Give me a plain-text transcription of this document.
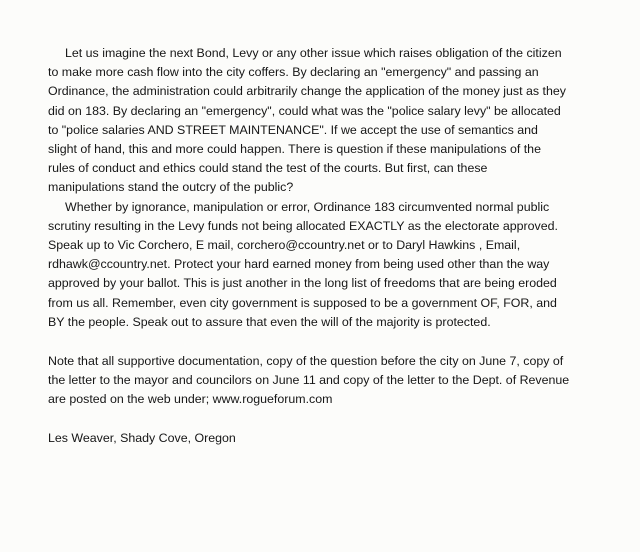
Let us imagine the next Bond, Levy or any other issue which raises obligation of the citizen
to make more cash flow into the city coffers. By declaring an "emergency" and passing an
Ordinance, the administration could arbitrarily change the application of the money just as they
did on 183. By declaring an "emergency", could what was the "police salary levy" be allocated
to "police salaries AND STREET MAINTENANCE". If we accept the use of semantics and
slight of hand, this and more could happen. There is question if these manipulations of the
rules of conduct and ethics could stand the test of the courts. But first, can these
manipulations stand the outcry of the public?
Whether by ignorance, manipulation or error, Ordinance 183 circumvented normal public
scrutiny resulting in the Levy funds not being allocated EXACTLY as the electorate approved.
Speak up to Vic Corchero, E mail, corchero@ccountry.net or to Daryl Hawkins , Email,
rdhawk@ccountry.net. Protect your hard earned money from being used other than the way
approved by your ballot. This is just another in the long list of freedoms that are being eroded
from us all. Remember, even city government is supposed to be a government OF, FOR, and
BY the people. Speak out to assure that even the will of the majority is protected.
Note that all supportive documentation, copy of the question before the city on June 7, copy of
the letter to the mayor and councilors on June 11 and copy of the letter to the Dept. of Revenue
are posted on the web under; www.rogueforum.com
Les Weaver, Shady Cove, Oregon
